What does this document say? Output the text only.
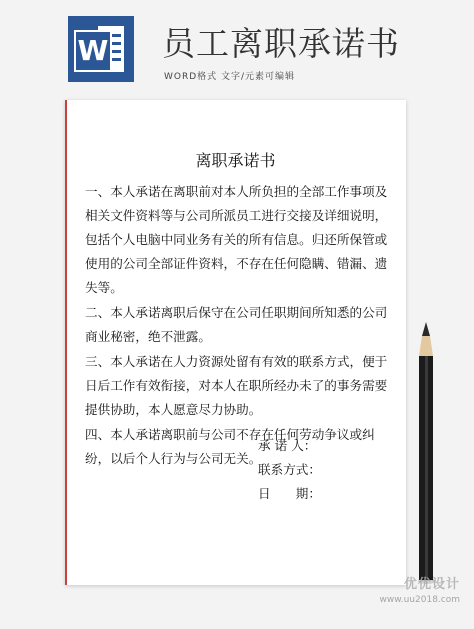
W 员工离职承诺书
WORD格式 文字/元素可编辑
离职承诺书

一、本人承诺在离职前对本人所负担的全部工作事项及相关文件资料等与公司所派员工进行交接及详细说明，包括个人电脑中同业务有关的所有信息。归还所保管或使用的公司全部证件资料，不存在任何隐瞒、错漏、遗失等。

二、本人承诺离职后保守在公司任职期间所知悉的公司商业秘密，绝不泄露。

三、本人承诺在人力资源处留有有效的联系方式，便于日后工作有效衔接，对本人在职所经办未了的事务需要提供协助，本人愿意尽力协助。

四、本人承诺离职前与公司不存在任何劳动争议或纠纷，以后个人行为与公司无关。

承 诺 人：
联系方式：
日　　期：
优优设计
www.uu2018.com
